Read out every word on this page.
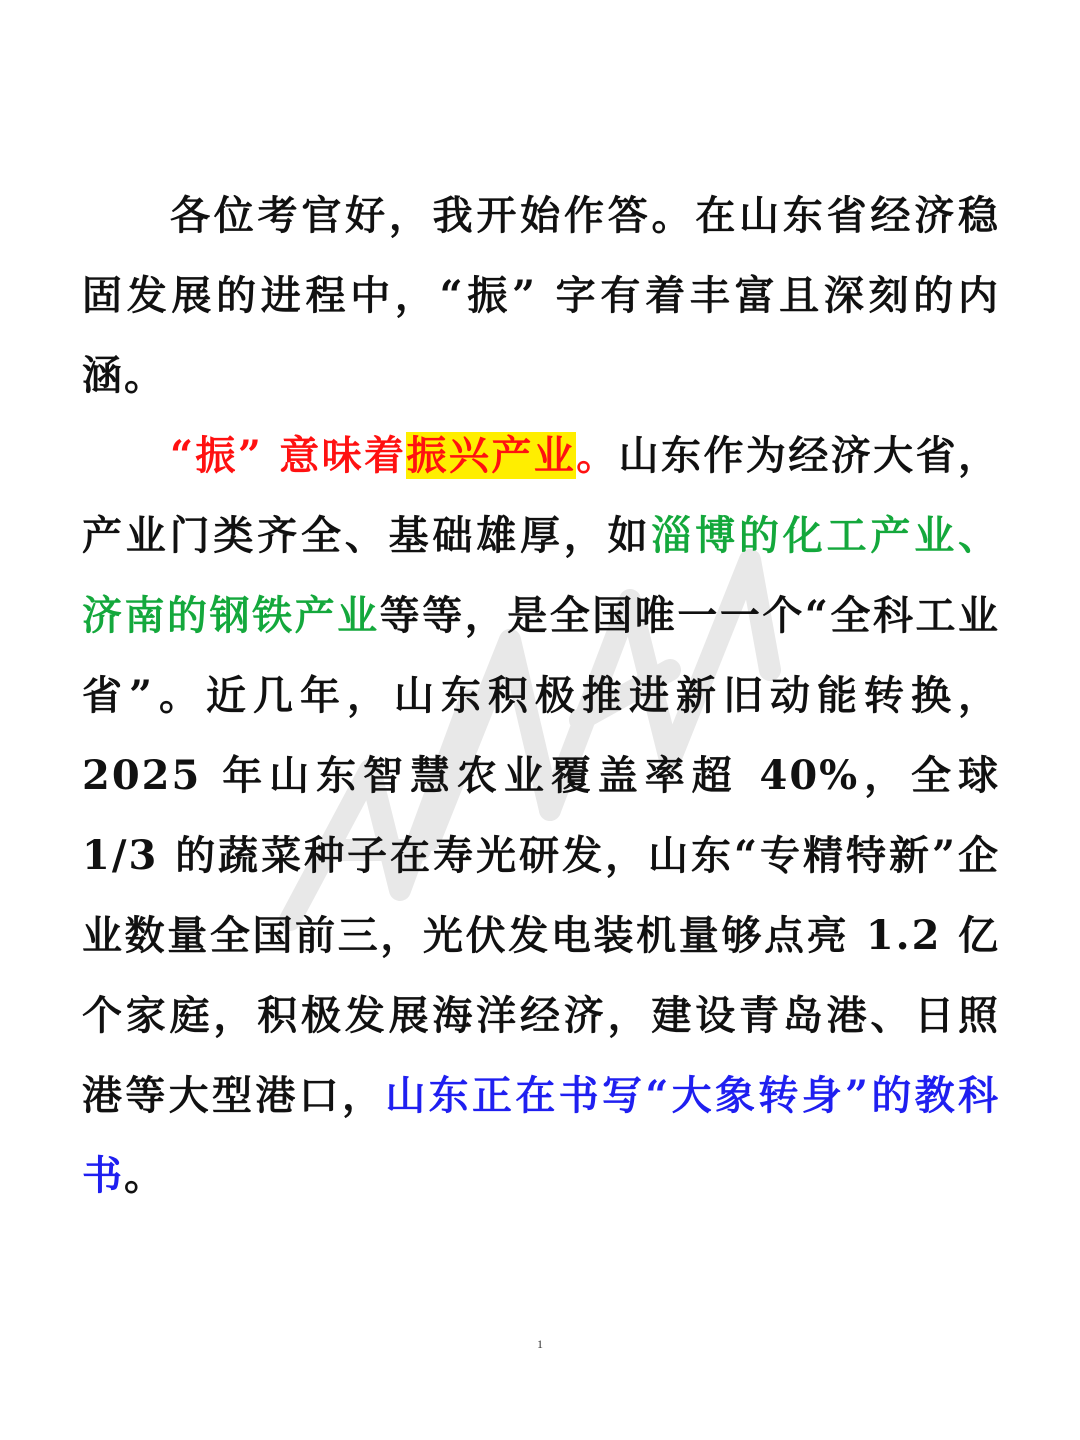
各位考官好，我开始作答。在山东省经济稳固发展的进程中，“振” 字有着丰富且深刻的内涵。

“振” 意味着振兴产业。山东作为经济大省，产业门类齐全、基础雄厚，如淄博的化工产业、济南的钢铁产业等等，是全国唯一一个“全科工业省”。近几年，山东积极推进新旧动能转换，2025 年山东智慧农业覆盖率超 40%，全球 1/3 的蔬菜种子在寿光研发，山东“专精特新”企业数量全国前三，光伏发电装机量够点亮 1.2 亿个家庭，积极发展海洋经济，建设青岛港、日照港等大型港口，山东正在书写“大象转身”的教科书。

1
